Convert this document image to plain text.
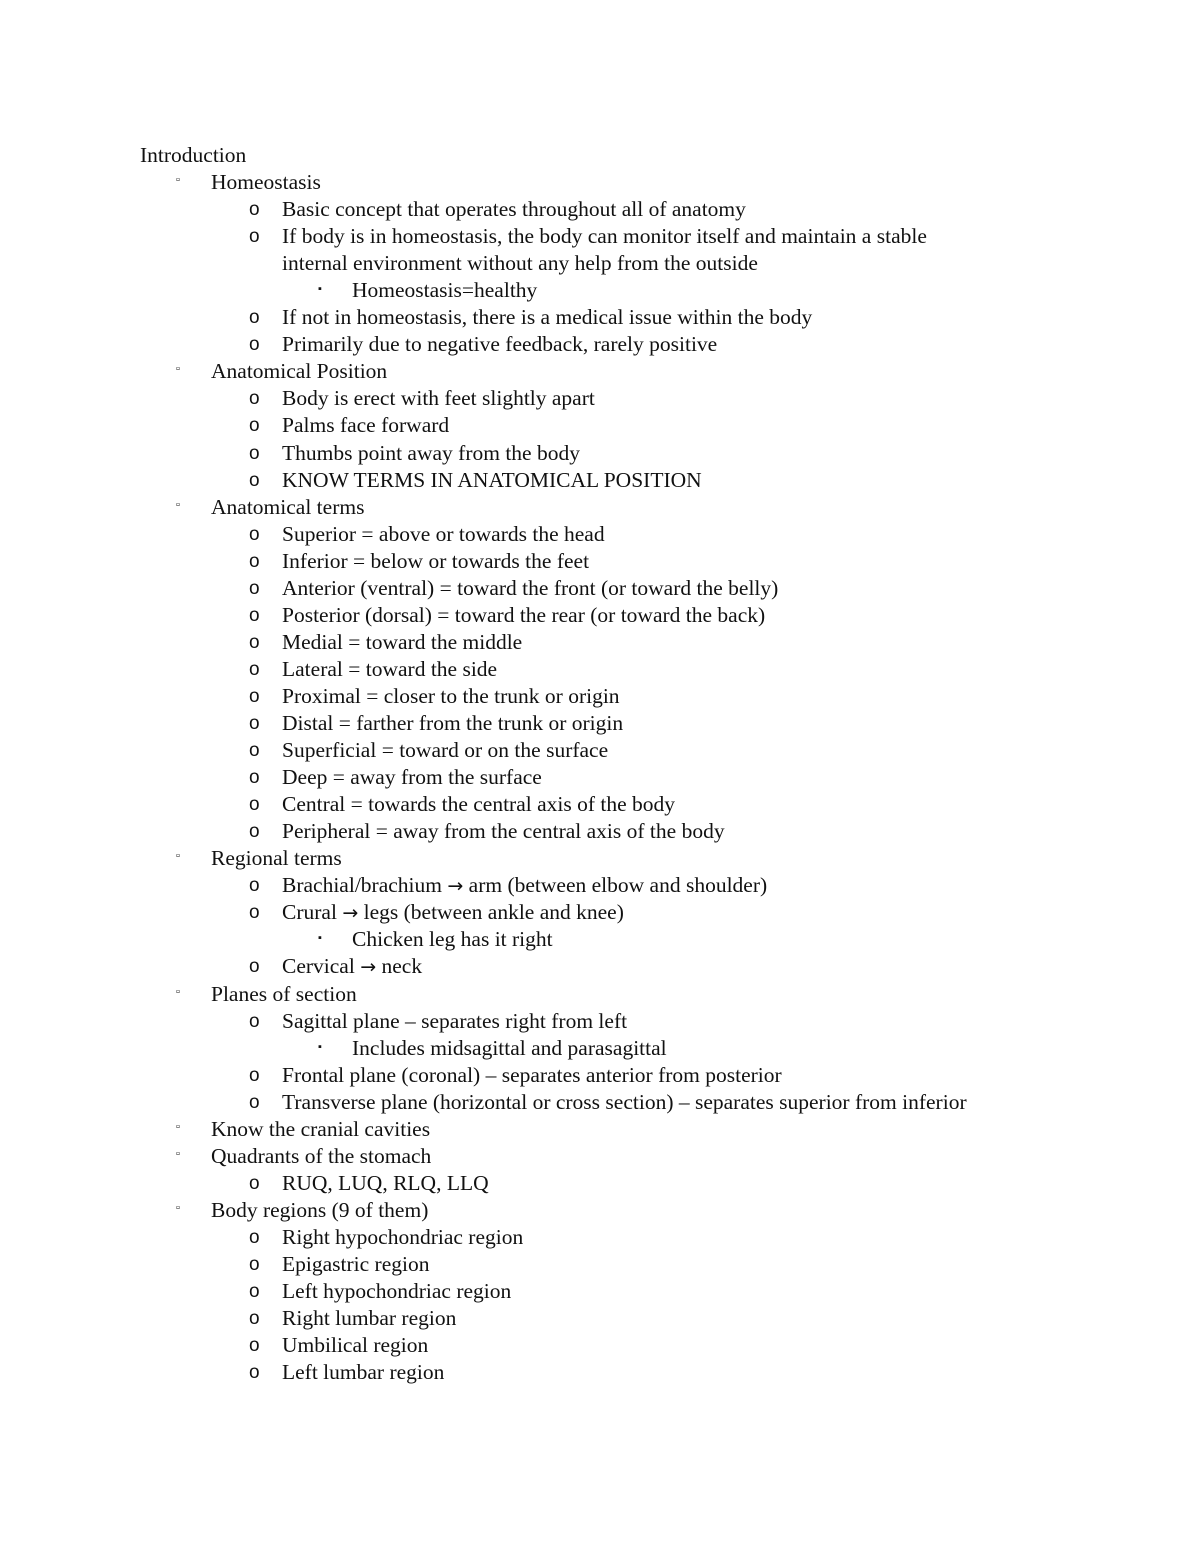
Introduction
▫ Homeostasis
o Basic concept that operates throughout all of anatomy
o If body is in homeostasis, the body can monitor itself and maintain a stable
internal environment without any help from the outside
▪ Homeostasis=healthy
o If not in homeostasis, there is a medical issue within the body
o Primarily due to negative feedback, rarely positive
▫ Anatomical Position
o Body is erect with feet slightly apart
o Palms face forward
o Thumbs point away from the body
o KNOW TERMS IN ANATOMICAL POSITION
▫ Anatomical terms
o Superior = above or towards the head
o Inferior = below or towards the feet
o Anterior (ventral) = toward the front (or toward the belly)
o Posterior (dorsal) = toward the rear (or toward the back)
o Medial = toward the middle
o Lateral = toward the side
o Proximal = closer to the trunk or origin
o Distal = farther from the trunk or origin
o Superficial = toward or on the surface
o Deep = away from the surface
o Central = towards the central axis of the body
o Peripheral = away from the central axis of the body
▫ Regional terms
o Brachial/brachium → arm (between elbow and shoulder)
o Crural → legs (between ankle and knee)
▪ Chicken leg has it right
o Cervical → neck
▫ Planes of section
o Sagittal plane – separates right from left
▪ Includes midsagittal and parasagittal
o Frontal plane (coronal) – separates anterior from posterior
o Transverse plane (horizontal or cross section) – separates superior from inferior
▫ Know the cranial cavities
▫ Quadrants of the stomach
o RUQ, LUQ, RLQ, LLQ
▫ Body regions (9 of them)
o Right hypochondriac region
o Epigastric region
o Left hypochondriac region
o Right lumbar region
o Umbilical region
o Left lumbar region
